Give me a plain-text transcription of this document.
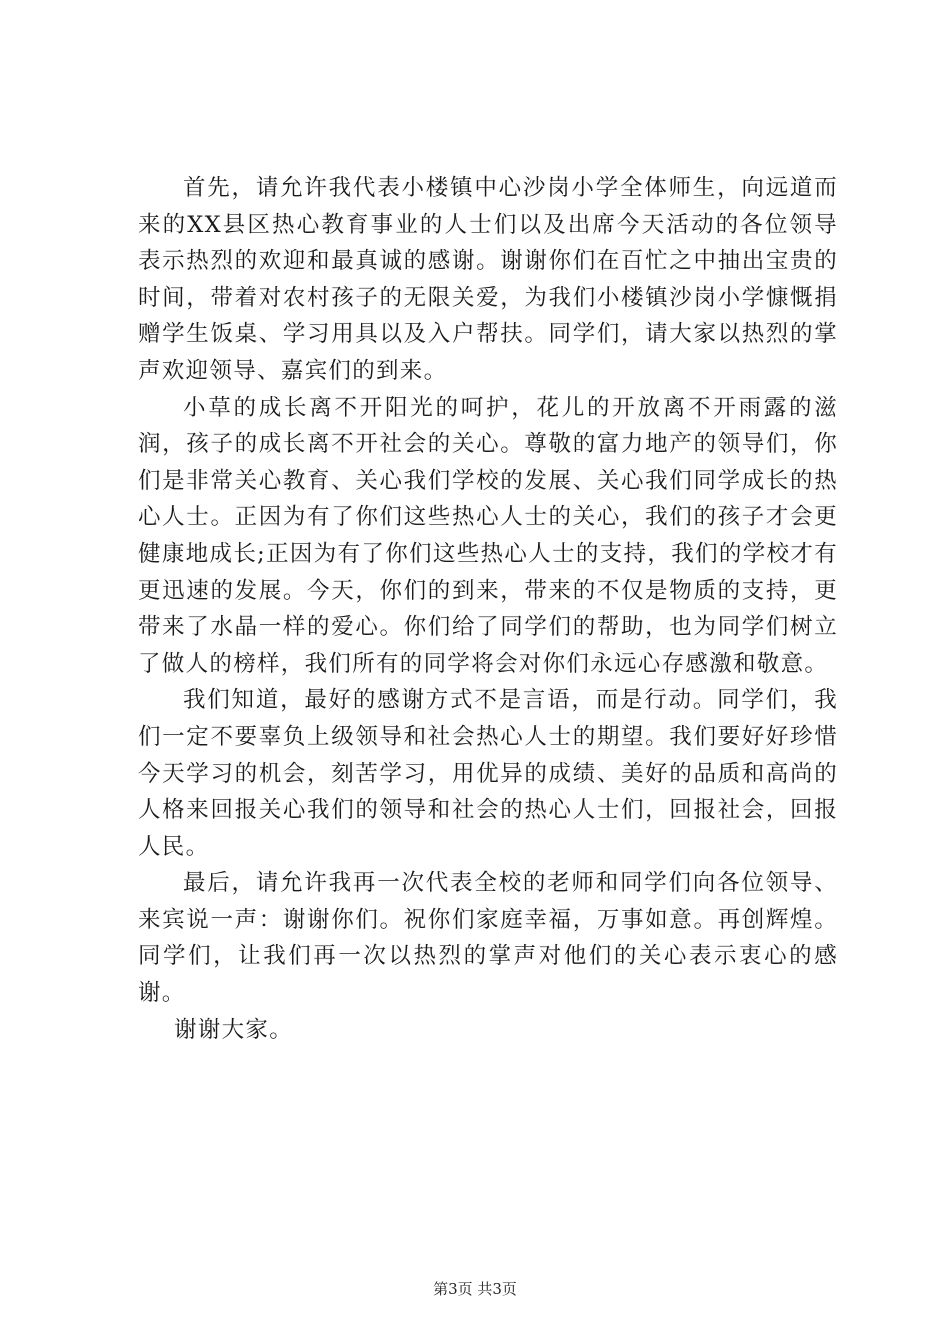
首先，请允许我代表小楼镇中心沙岗小学全体师生，向远道而来的XX县区热心教育事业的人士们以及出席今天活动的各位领导表示热烈的欢迎和最真诚的感谢。谢谢你们在百忙之中抽出宝贵的时间，带着对农村孩子的无限关爱，为我们小楼镇沙岗小学慷慨捐赠学生饭桌、学习用具以及入户帮扶。同学们，请大家以热烈的掌声欢迎领导、嘉宾们的到来。

小草的成长离不开阳光的呵护，花儿的开放离不开雨露的滋润，孩子的成长离不开社会的关心。尊敬的富力地产的领导们，你们是非常关心教育、关心我们学校的发展、关心我们同学成长的热心人士。正因为有了你们这些热心人士的关心，我们的孩子才会更健康地成长;正因为有了你们这些热心人士的支持，我们的学校才有更迅速的发展。今天，你们的到来，带来的不仅是物质的支持，更带来了水晶一样的爱心。你们给了同学们的帮助，也为同学们树立了做人的榜样，我们所有的同学将会对你们永远心存感激和敬意。

我们知道，最好的感谢方式不是言语，而是行动。同学们，我们一定不要辜负上级领导和社会热心人士的期望。我们要好好珍惜今天学习的机会，刻苦学习，用优异的成绩、美好的品质和高尚的人格来回报关心我们的领导和社会的热心人士们，回报社会，回报人民。

最后，请允许我再一次代表全校的老师和同学们向各位领导、来宾说一声：谢谢你们。祝你们家庭幸福，万事如意。再创辉煌。同学们，让我们再一次以热烈的掌声对他们的关心表示衷心的感谢。

谢谢大家。

第3页 共3页
